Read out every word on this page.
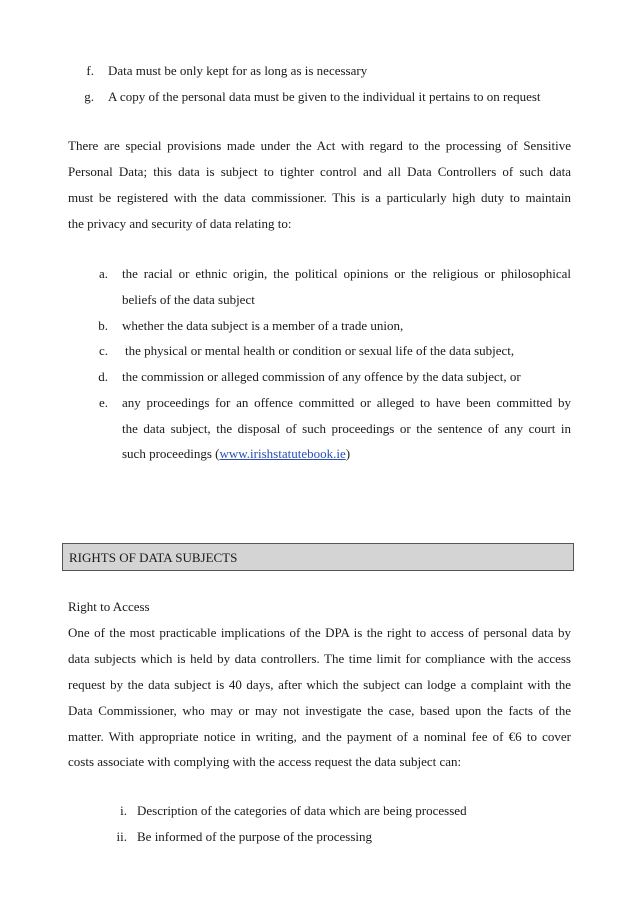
f. Data must be only kept for as long as is necessary
g. A copy of the personal data must be given to the individual it pertains to on request
There are special provisions made under the Act with regard to the processing of Sensitive
Personal Data; this data is subject to tighter control and all Data Controllers of such data
must be registered with the data commissioner. This is a particularly high duty to maintain
the privacy and security of data relating to:
a. the racial or ethnic origin, the political opinions or the religious or philosophical
beliefs of the data subject
b. whether the data subject is a member of a trade union,
c. the physical or mental health or condition or sexual life of the data subject,
d. the commission or alleged commission of any offence by the data subject, or
e. any proceedings for an offence committed or alleged to have been committed by
the data subject, the disposal of such proceedings or the sentence of any court in
such proceedings (www.irishstatutebook.ie)
RIGHTS OF DATA SUBJECTS
Right to Access
One of the most practicable implications of the DPA is the right to access of personal data by
data subjects which is held by data controllers. The time limit for compliance with the access
request by the data subject is 40 days, after which the subject can lodge a complaint with the
Data Commissioner, who may or may not investigate the case, based upon the facts of the
matter. With appropriate notice in writing, and the payment of a nominal fee of €6 to cover
costs associate with complying with the access request the data subject can:
i. Description of the categories of data which are being processed
ii. Be informed of the purpose of the processing
